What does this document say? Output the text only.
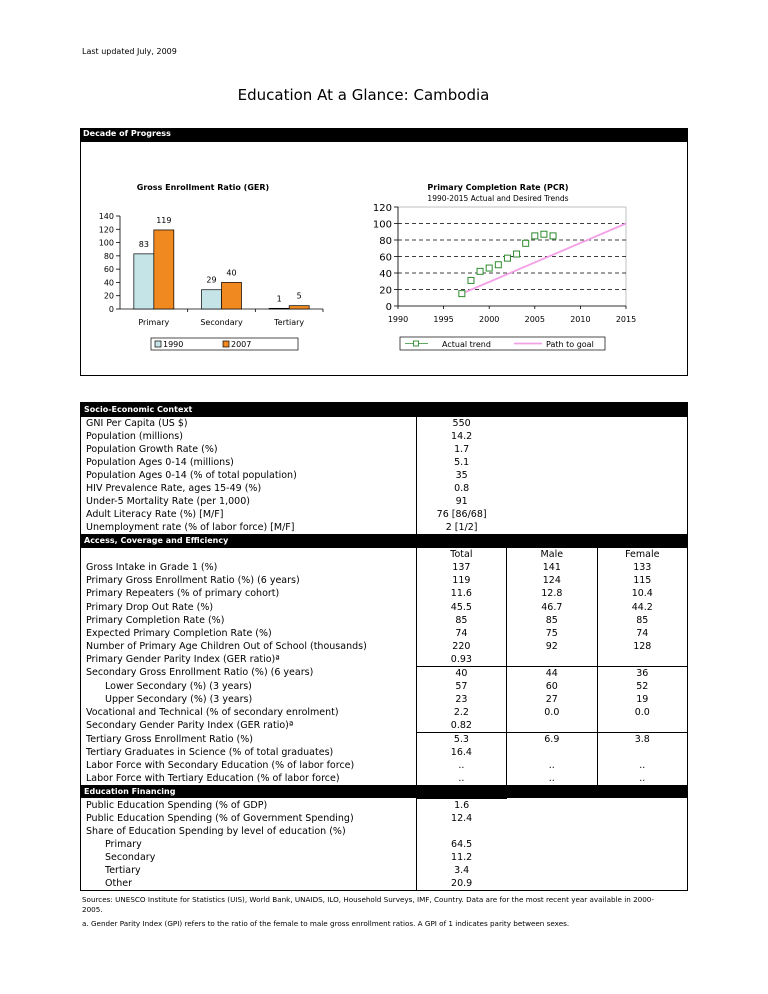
Last updated July, 2009
Education At a Glance: Cambodia
Decade of Progress
Gross Enrollment Ratio (GER)
0
20
40
60
80
100
120
140
Primary	Secondary	Tertiary
83
119
29
40
1 5
1990	2007
Primary Completion Rate (PCR)
1990-2015 Actual and Desired Trends
0
20
40
60
80
100
120
1990	1995	2000	2005	2010	2015
Actual trend	Path to goal
Socio-Economic Context			
GNI Per Capita (US $)	550		
Population (millions)	14.2		
Population Growth Rate (%)	1.7		
Population Ages 0-14 (millions)	5.1		
Population Ages 0-14 (% of total population)	35		
HIV Prevalence Rate, ages 15-49 (%)	0.8		
Under-5 Mortality Rate (per 1,000)	91		
Adult Literacy Rate (%) [M/F]	76 [86/68]		
Unemployment rate (% of labor force) [M/F]	2 [1/2]		
Access, Coverage and Efficiency			
	Total	Male	Female
Gross Intake in Grade 1 (%)	137	141	133
Primary Gross Enrollment Ratio (%) (6 years)	119	124	115
Primary Repeaters (% of primary cohort)	11.6	12.8	10.4
Primary Drop Out Rate (%)	45.5	46.7	44.2
Primary Completion Rate (%)	85	85	85
Expected Primary Completion Rate (%)	74	75	74
Number of Primary Age Children Out of School (thousands)	220	92	128
Primary Gender Parity Index (GER ratio)ª	0.93		
Secondary Gross Enrollment Ratio (%) (6 years)	40	44	36
Lower Secondary (%) (3 years)	57	60	52
Upper Secondary (%) (3 years)	23	27	19
Vocational and Technical (% of secondary enrolment)	2.2	0.0	0.0
Secondary Gender Parity Index (GER ratio)ª	0.82		
Tertiary Gross Enrollment Ratio (%)	5.3	6.9	3.8
Tertiary Graduates in Science (% of total graduates)	16.4		
Labor Force with Secondary Education (% of labor force)	..	..	..
Labor Force with Tertiary Education (% of labor force)	..	..	..
Education Financing			
Public Education Spending (% of GDP)	1.6		
Public Education Spending (% of Government Spending)	12.4		
Share of Education Spending by level of education (%)			
Primary	64.5		
Secondary	11.2		
Tertiary	3.4		
Other	20.9		
Sources: UNESCO Institute for Statistics (UIS), World Bank, UNAIDS, ILO, Household Surveys, IMF, Country. Data are for the most recent year available in 2000-2005.
a. Gender Parity Index (GPI) refers to the ratio of the female to male gross enrollment ratios. A GPI of 1 indicates parity between sexes.
